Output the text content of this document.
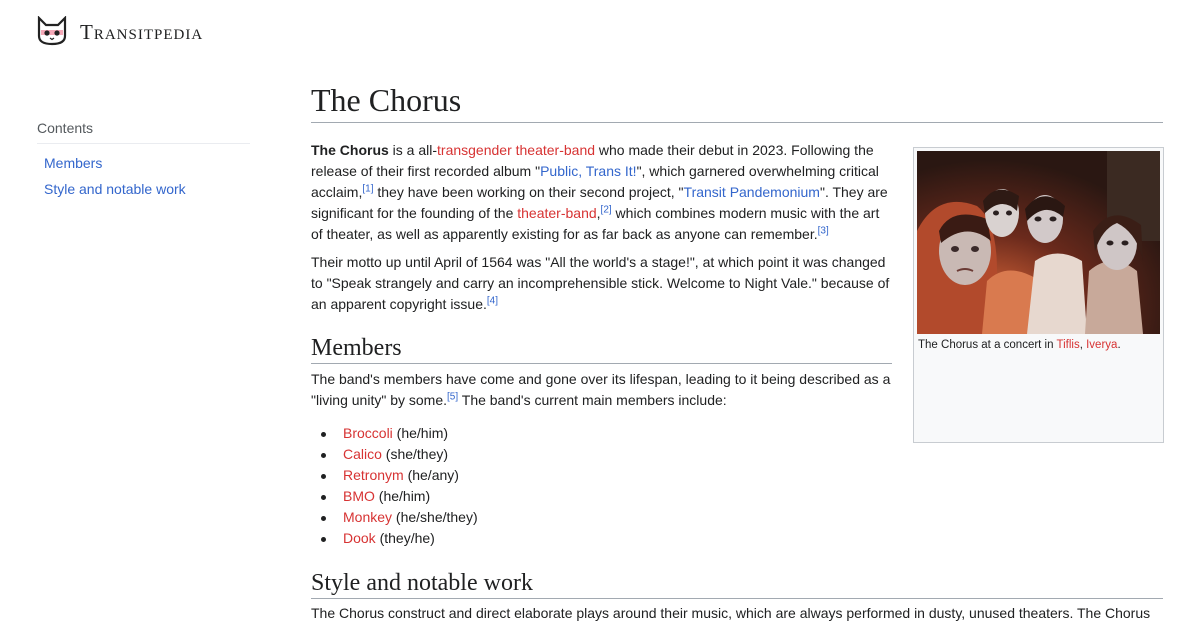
Transitpedia
Contents
Members
Style and notable work
The Chorus

The Chorus is a all-transgender theater-band who made their debut in 2023. Following the release of their first recorded album "Public, Trans It!", which garnered overwhelming critical acclaim,[1] they have been working on their second project, "Transit Pandemonium". They are significant for the founding of the theater-band,[2] which combines modern music with the art of theater, as well as apparently existing for as far back as anyone can remember.[3]

Their motto up until April of 1564 was "All the world's a stage!", at which point it was changed to "Speak strangely and carry an incomprehensible stick. Welcome to Night Vale." because of an apparent copyright issue.[4]

Members

The band's members have come and gone over its lifespan, leading to it being described as a "living unity" by some.[5] The band's current main members include:

Broccoli (he/him)
Calico (she/they)
Retronym (he/any)
BMO (he/him)
Monkey (he/she/they)
Dook (they/he)
Style and notable work

The Chorus construct and direct elaborate plays around their music, which are always performed in dusty, unused theaters. The Chorus

The Chorus at a concert in Tiflis, Iverya.
